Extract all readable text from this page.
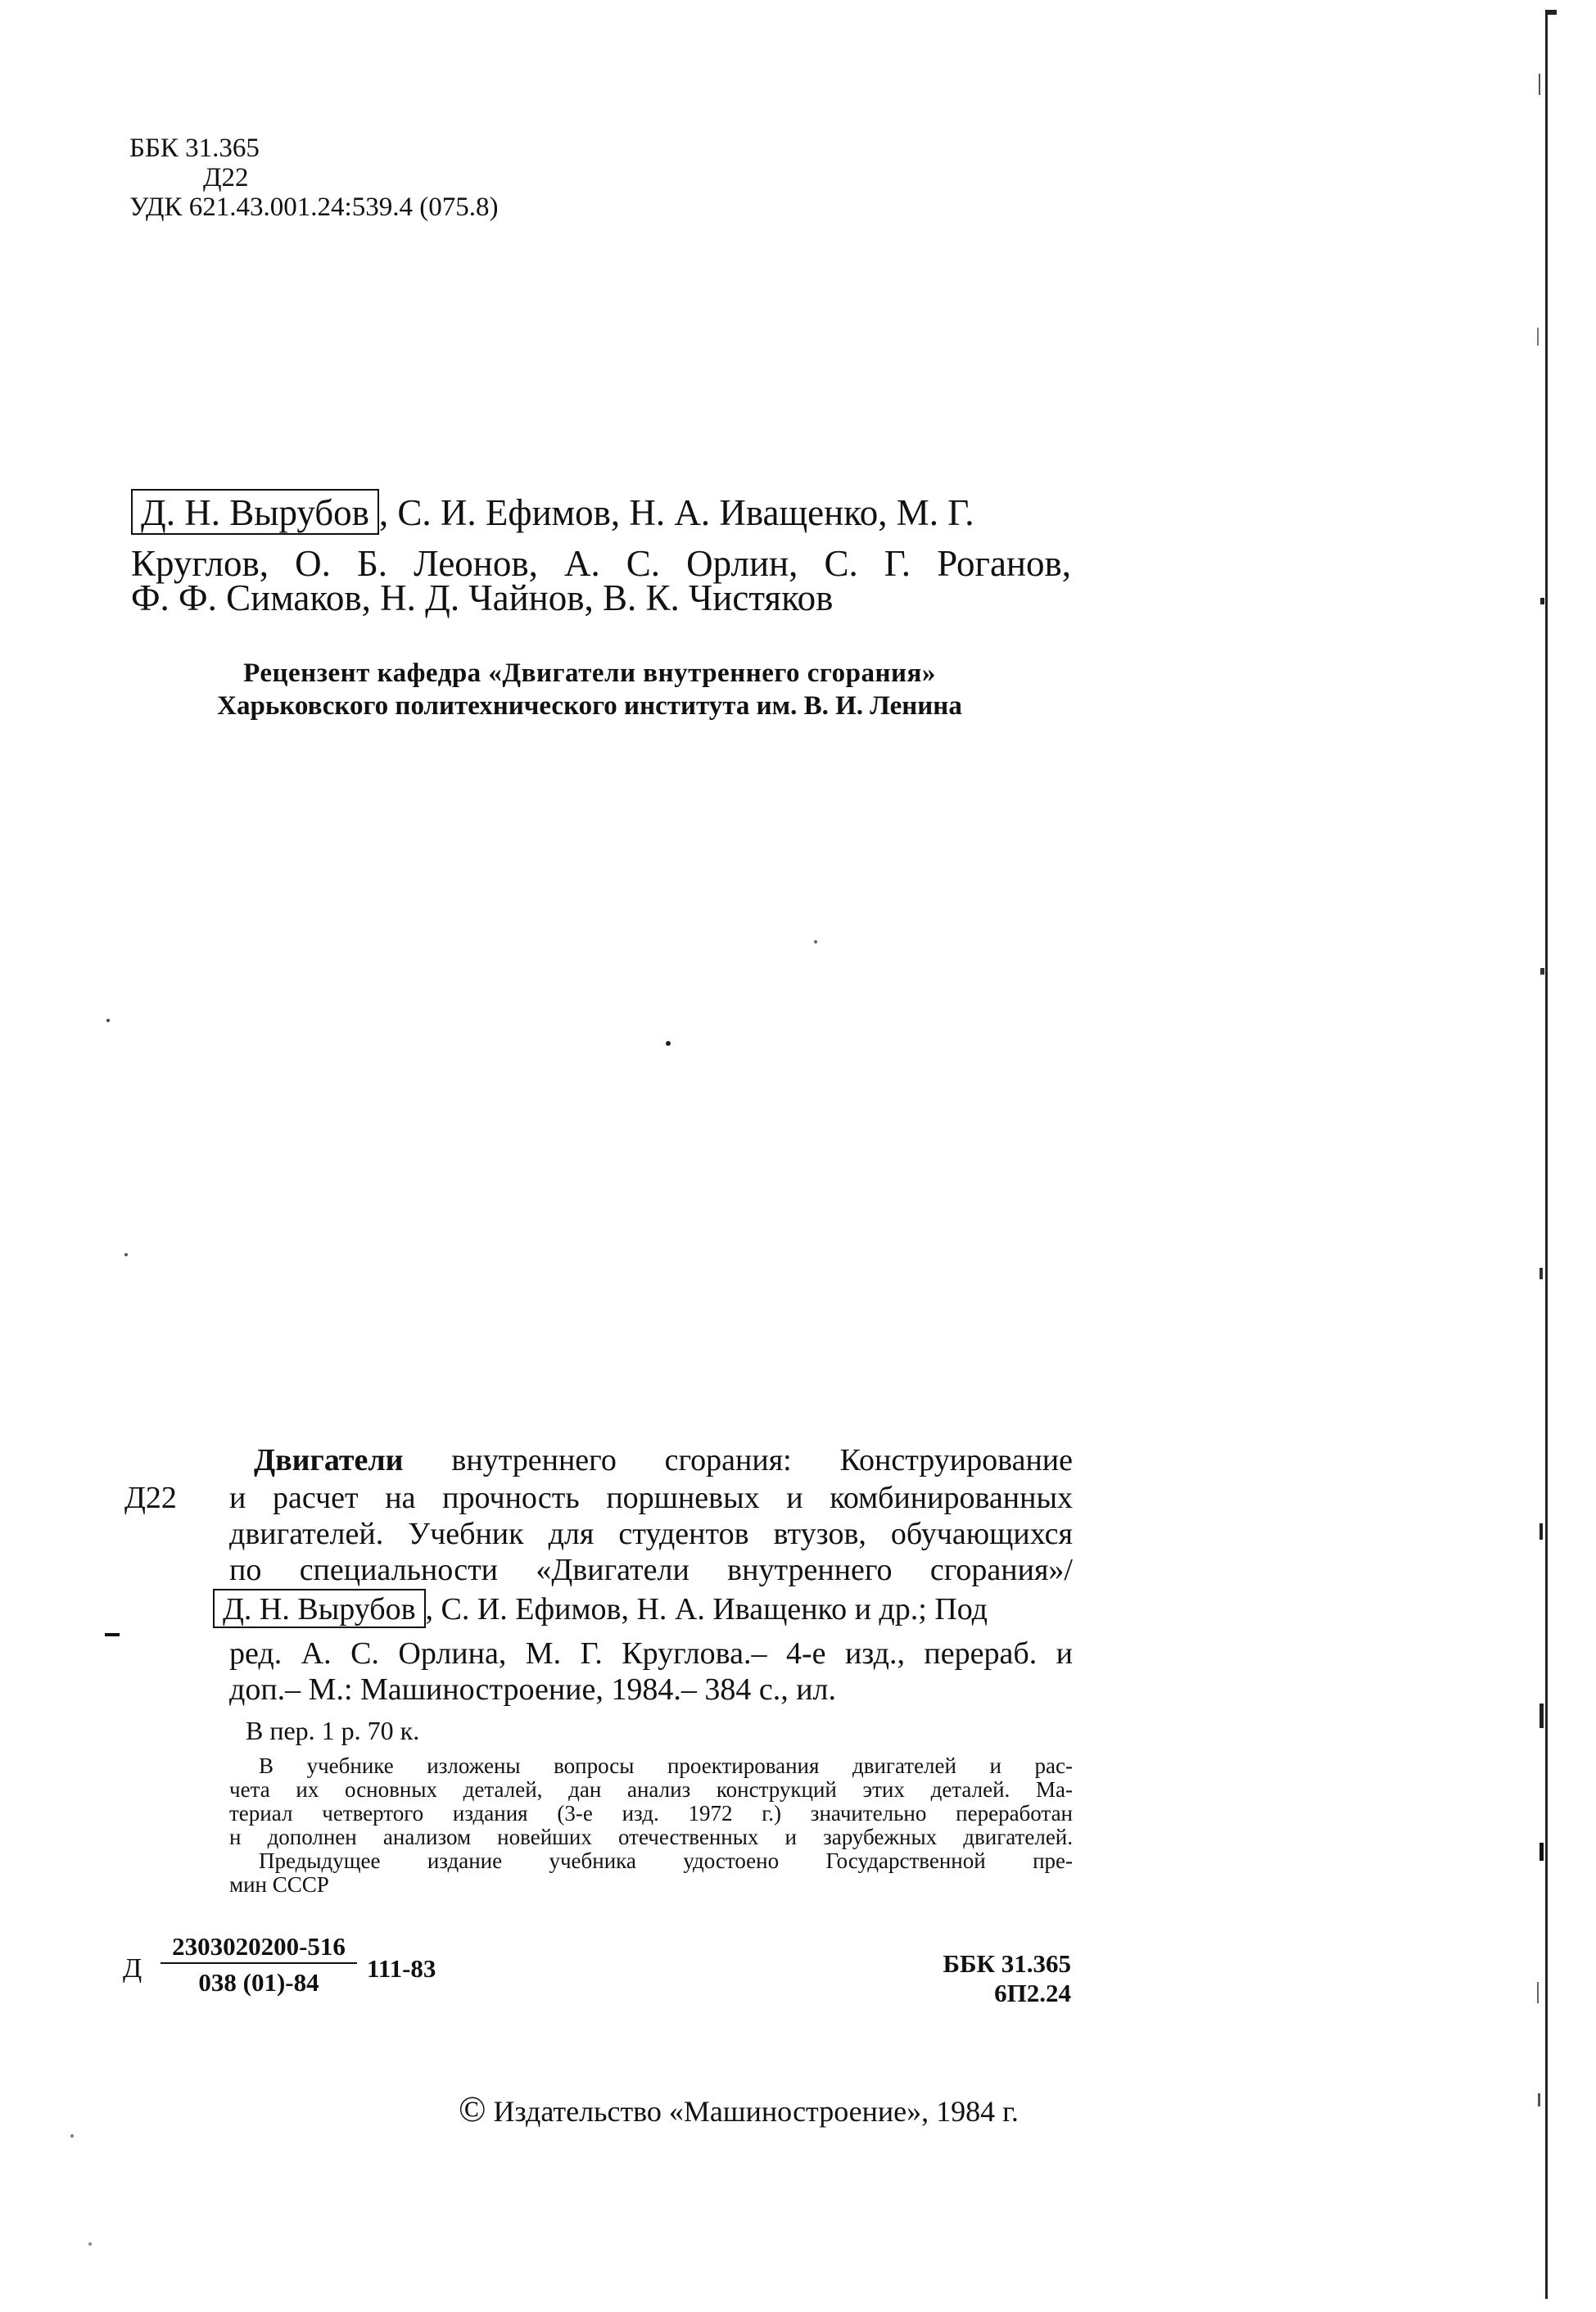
ББК 31.365
Д22
УДК 621.43.001.24:539.4 (075.8)
Д. Н. Вырубов , С. И. Ефимов, Н. А. Иващенко, М. Г.
Круглов, О. Б. Леонов, А. С. Орлин, С. Г. Роганов,
Ф. Ф. Симаков, Н. Д. Чайнов, В. К. Чистяков
Рецензент кафедра «Двигатели внутреннего сгорания»
Харьковского политехнического института им. В. И. Ленина
Двигатели внутреннего сгорания: Конструирование
Д22 и расчет на прочность поршневых и комбинированных
двигателей. Учебник для студентов втузов, обучающихся
по специальности «Двигатели внутреннего сгорания»/
Д. Н. Вырубов , С. И. Ефимов, Н. А. Иващенко и др.; Под
ред. А. С. Орлина, М. Г. Круглова.– 4-е изд., перераб. и
доп.– М.: Машиностроение, 1984.– 384 с., ил.
В пер. 1 р. 70 к.
В учебнике изложены вопросы проектирования двигателей и рас-
чета их основных деталей, дан анализ конструкций этих деталей. Ма-
териал четвертого издания (3-е изд. 1972 г.) значительно переработан
н дополнен анализом новейших отечественных и зарубежных двигателей.
Предыдущее издание учебника удостоено Государственной пре-
мин СССР
Д
2303020200-516
038 (01)-84	111-83	ББК 31.365
6П2.24
© Издательство «Машиностроение», 1984 г.
